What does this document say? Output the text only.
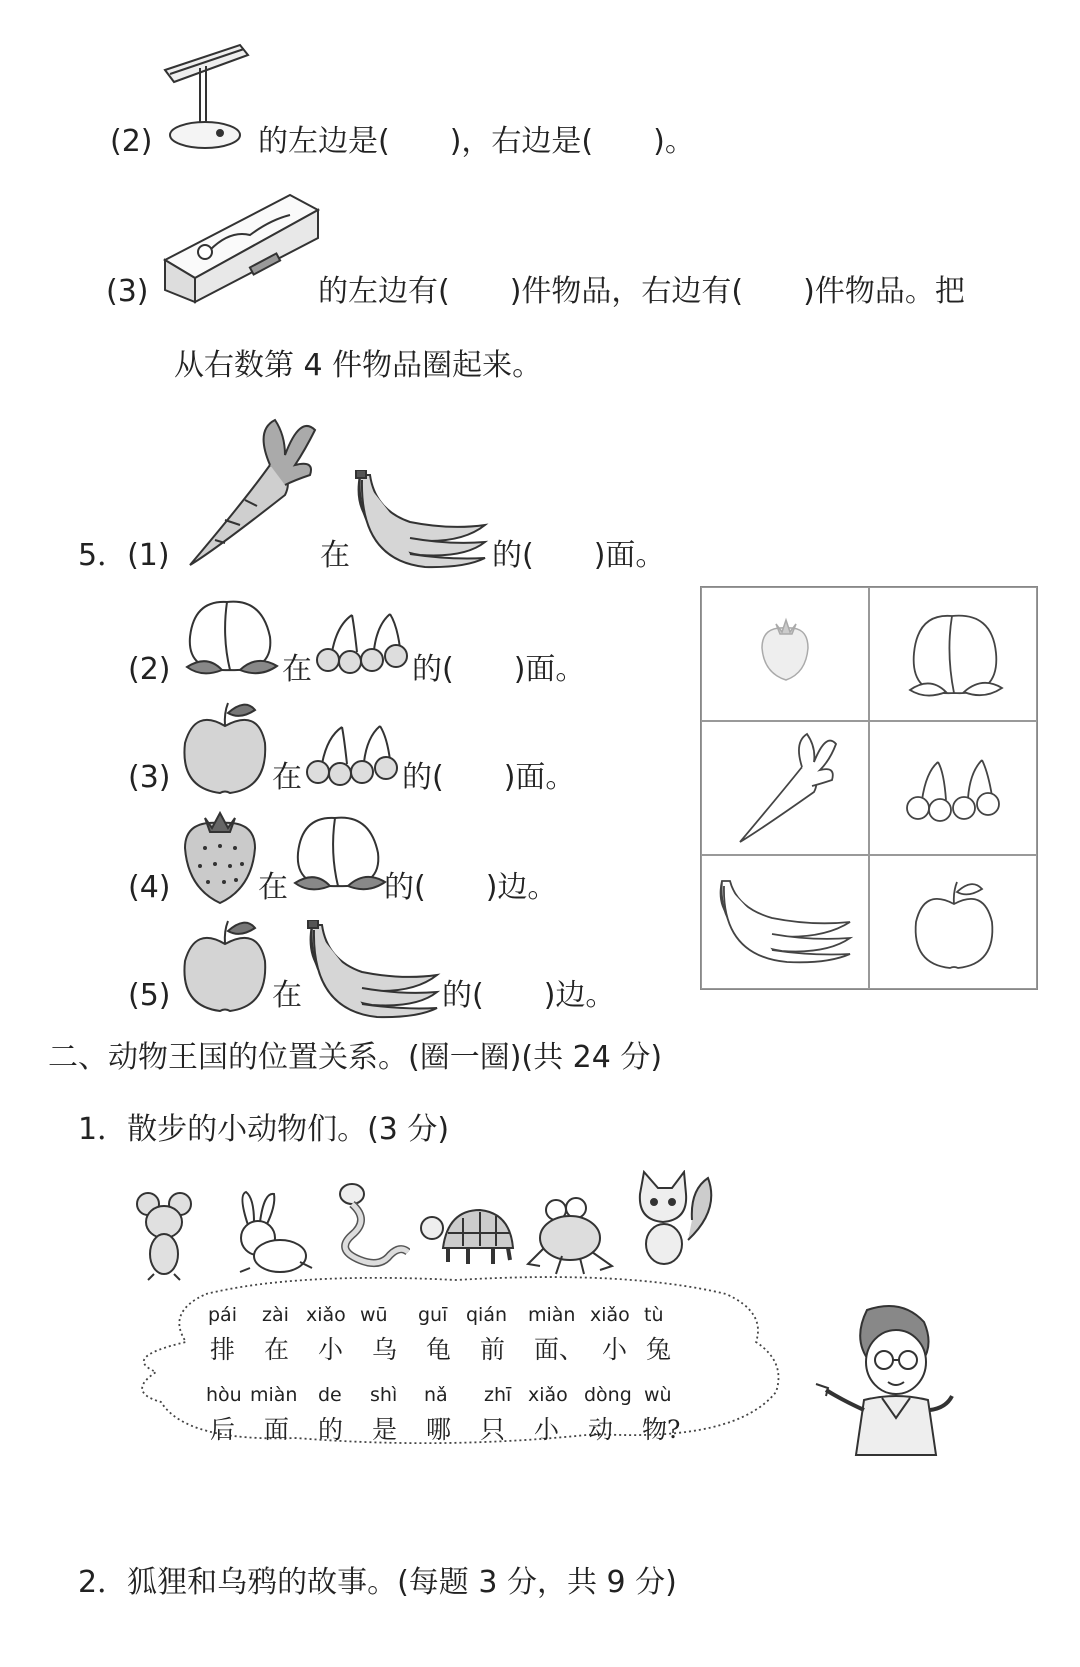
(2)	的左边是(　　)，右边是(　　)。
(3)	的左边有(　　)件物品，右边有(　　)件物品。把
从右数第 4 件物品圈起来。
5．(1)	在	的(　　)面。
(2)	在	的(　　)面。
(3)	在	的(　　)面。
(4)	在	的(　　)边。
(5)	在	的(　　)边。
二、动物王国的位置关系。(圈一圈)(共 24 分)
1．散步的小动物们。(3 分)
pái zài xiǎo wū guī qián miàn xiǎo tù
排 在 小 乌 龟 前 面、 小 兔
hòu miàn de shì nǎ zhī xiǎo dòng wù
后 面 的 是 哪 只 小 动 物?
2．狐狸和乌鸦的故事。(每题 3 分，共 9 分)
